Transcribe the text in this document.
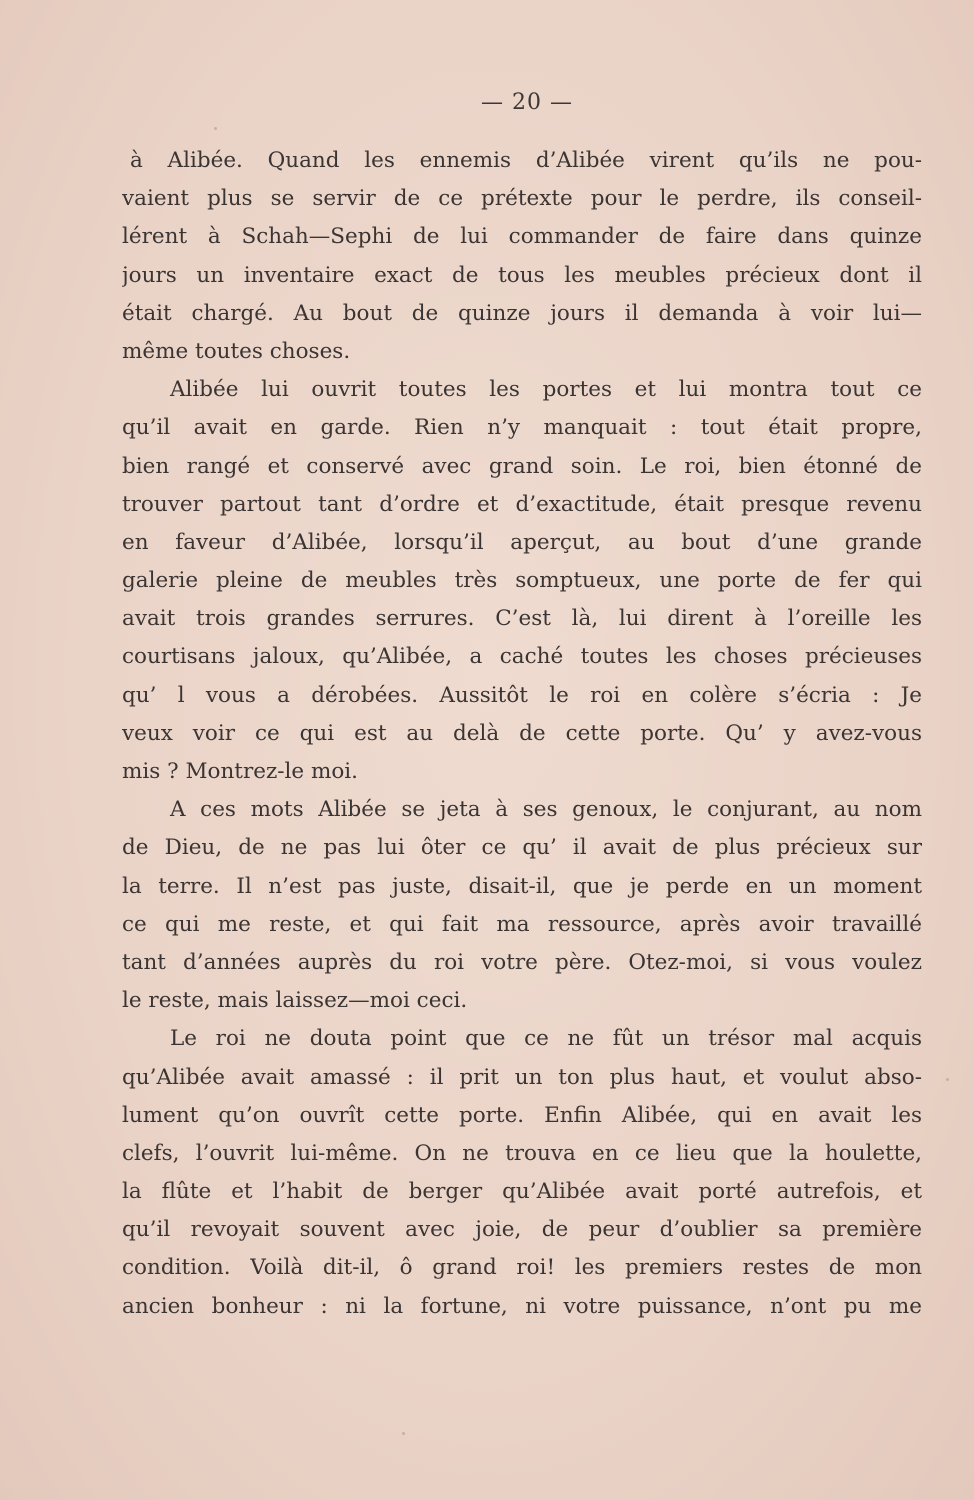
— 20 —
à Alibée. Quand les ennemis d’Alibée virent qu’ils ne pou-
vaient plus se servir de ce prétexte pour le perdre, ils conseil-
lérent à Schah—Sephi de lui commander de faire dans quinze
jours un inventaire exact de tous les meubles précieux dont il
était chargé. Au bout de quinze jours il demanda à voir lui—
même toutes choses.
Alibée lui ouvrit toutes les portes et lui montra tout ce
qu’il avait en garde. Rien n’y manquait : tout était propre,
bien rangé et conservé avec grand soin. Le roi, bien étonné de
trouver partout tant d’ordre et d’exactitude, était presque revenu
en faveur d’Alibée, lorsqu’il aperçut, au bout d’une grande
galerie pleine de meubles très somptueux, une porte de fer qui
avait trois grandes serrures. C’est là, lui dirent à l’oreille les
courtisans jaloux, qu’Alibée, a caché toutes les choses précieuses
qu’ l vous a dérobées. Aussitôt le roi en colère s’écria : Je
veux voir ce qui est au delà de cette porte. Qu’ y avez-vous
mis ? Montrez-le moi.
A ces mots Alibée se jeta à ses genoux, le conjurant, au nom
de Dieu, de ne pas lui ôter ce qu’ il avait de plus précieux sur
la terre. Il n’est pas juste, disait-il, que je perde en un moment
ce qui me reste, et qui fait ma ressource, après avoir travaillé
tant d’années auprès du roi votre père. Otez-moi, si vous voulez
le reste, mais laissez—moi ceci.
Le roi ne douta point que ce ne fût un trésor mal acquis
qu’Alibée avait amassé : il prit un ton plus haut, et voulut abso-
lument qu’on ouvrît cette porte. Enfin Alibée, qui en avait les
clefs, l’ouvrit lui-même. On ne trouva en ce lieu que la houlette,
la flûte et l’habit de berger qu’Alibée avait porté autrefois, et
qu’il revoyait souvent avec joie, de peur d’oublier sa première
condition. Voilà dit-il, ô grand roi! les premiers restes de mon
ancien bonheur : ni la fortune, ni votre puissance, n’ont pu me
